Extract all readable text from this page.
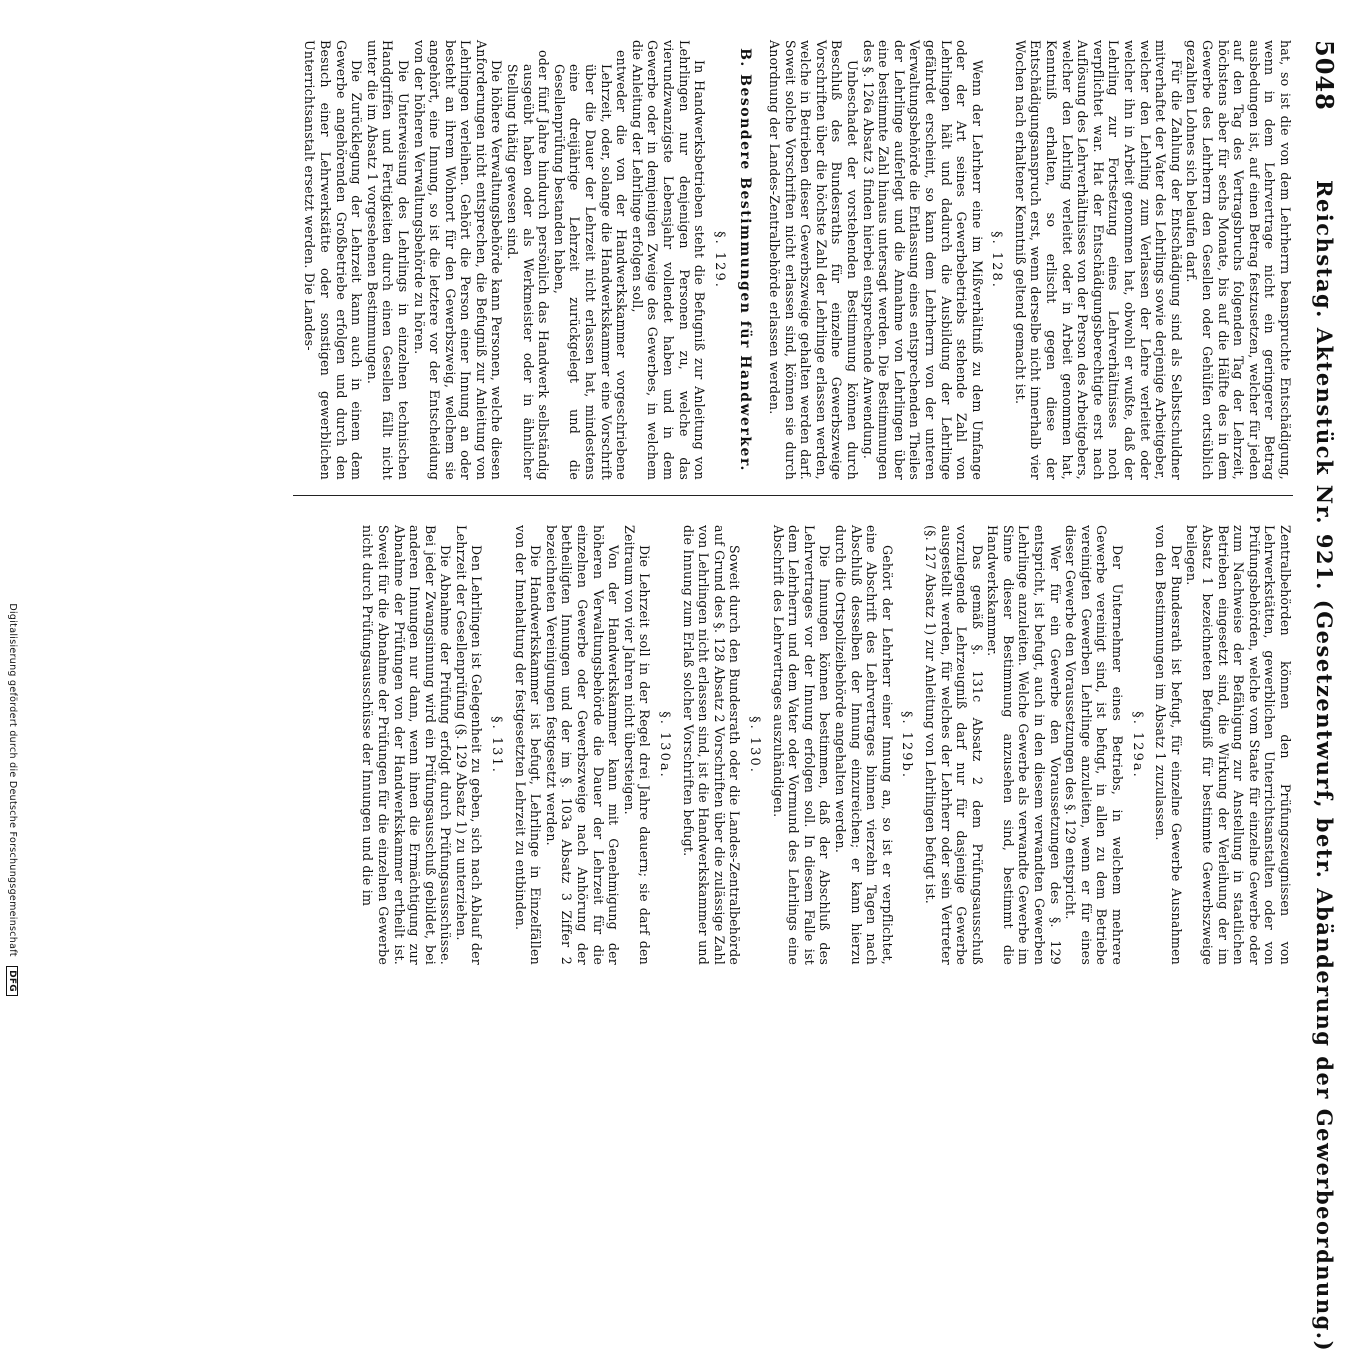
5048
Reichstag. Aktenstück Nr. 921. (Gesetzentwurf, betr. Abänderung der Gewerbeordnung.)

hat, so ist die von dem Lehrherrn beanspruchte Entschädigung, wenn in dem Lehrvertrage nicht ein geringerer Betrag ausbedungen ist, auf einen Betrag festzusetzen, welcher für jeden auf den Tag des Vertragsbruchs folgenden Tag der Lehrzeit, höchstens aber für sechs Monate, bis auf die Hälfte des in dem Gewerbe des Lehrherrn den Gesellen oder Gehülfen ortsüblich gezahlten Lohnes sich belaufen darf.

Für die Zahlung der Entschädigung sind als Selbstschuldner mitverhaftet der Vater des Lehrlings sowie derjenige Arbeitgeber, welcher den Lehrling zum Verlassen der Lehre verleitet oder welcher ihn in Arbeit genommen hat, obwohl er wußte, daß der Lehrling zur Fortsetzung eines Lehrverhältnisses noch verpflichtet war. Hat der Entschädigungsberechtigte erst nach Auflösung des Lehrverhältnisses von der Person des Arbeitgebers, welcher den Lehrling verleitet oder in Arbeit genommen hat, Kenntniß erhalten, so erlischt gegen diese der Entschädigungsanspruch erst, wenn derselbe nicht innerhalb vier Wochen nach erhaltener Kenntniß geltend gemacht ist.

§. 128.

Wenn der Lehrherr eine im Mißverhältniß zu dem Umfange oder der Art seines Gewerbebetriebs stehende Zahl von Lehrlingen hält und dadurch die Ausbildung der Lehrlinge gefährdet erscheint, so kann dem Lehrherrn von der unteren Verwaltungsbehörde die Entlassung eines entsprechenden Theiles der Lehrlinge auferlegt und die Annahme von Lehrlingen über eine bestimmte Zahl hinaus untersagt werden. Die Bestimmungen des §. 126a Absatz 3 finden hierbei entsprechende Anwendung.

Unbeschadet der vorstehenden Bestimmung können durch Beschluß des Bundesraths für einzelne Gewerbszweige Vorschriften über die höchste Zahl der Lehrlinge erlassen werden, welche in Betrieben dieser Gewerbszweige gehalten werden darf. Soweit solche Vorschriften nicht erlassen sind, können sie durch Anordnung der Landes-Zentralbehörde erlassen werden.

B. Besondere Bestimmungen für Handwerker.
§. 129.

In Handwerksbetrieben steht die Befugniß zur Anleitung von Lehrlingen nur denjenigen Personen zu, welche das vierundzwanzigste Lebensjahr vollendet haben und in dem Gewerbe oder in demjenigen Zweige des Gewerbes, in welchem die Anleitung der Lehrlinge erfolgen soll,

entweder die von der Handwerkskammer vorgeschriebene Lehrzeit, oder, solange die Handwerkskammer eine Vorschrift über die Dauer der Lehrzeit nicht erlassen hat, mindestens eine dreijährige Lehrzeit zurückgelegt und die Gesellenprüfung bestanden haben,

oder fünf Jahre hindurch persönlich das Handwerk selbständig ausgeübt haben oder als Werkmeister oder in ähnlicher Stellung thätig gewesen sind.

Die höhere Verwaltungsbehörde kann Personen, welche diesen Anforderungen nicht entsprechen, die Befugniß zur Anleitung von Lehrlingen verleihen. Gehört die Person einer Innung an oder besteht an ihrem Wohnort für den Gewerbszweig, welchem sie angehört, eine Innung, so ist die letztere vor der Entscheidung von der höheren Verwaltungsbehörde zu hören.

Die Unterweisung des Lehrlings in einzelnen technischen Handgriffen und Fertigkeiten durch einen Gesellen fällt nicht unter die im Absatz 1 vorgesehenen Bestimmungen.

Die Zurücklegung der Lehrzeit kann auch in einem dem Gewerbe angehörenden Großbetriebe erfolgen und durch den Besuch einer Lehrwerkstätte oder sonstigen gewerblichen Unterrichtsanstalt ersetzt werden. Die Landes-

Zentralbehörden können den Prüfungszeugnissen von Lehrwerkstätten, gewerblichen Unterrichtsanstalten oder von Prüfungsbehörden, welche vom Staate für einzelne Gewerbe oder zum Nachweise der Befähigung zur Anstellung in staatlichen Betrieben eingesetzt sind, die Wirkung der Verleihung der im Absatz 1 bezeichneten Befugniß für bestimmte Gewerbszweige beilegen.

Der Bundesrath ist befugt, für einzelne Gewerbe Ausnahmen von den Bestimmungen im Absatz 1 zuzulassen.

§. 129a.

Der Unternehmer eines Betriebs, in welchem mehrere Gewerbe vereinigt sind, ist befugt, in allen zu dem Betriebe vereinigten Gewerben Lehrlinge anzuleiten, wenn er für eines dieser Gewerbe den Voraussetzungen des §. 129 entspricht.

Wer für ein Gewerbe den Voraussetzungen des §. 129 entspricht, ist befugt, auch in den diesem verwandten Gewerben Lehrlinge anzuleiten. Welche Gewerbe als verwandte Gewerbe im Sinne dieser Bestimmung anzusehen sind, bestimmt die Handwerkskammer.

Das gemäß §. 131c Absatz 2 dem Prüfungsausschuß vorzulegende Lehrzeugniß darf nur für dasjenige Gewerbe ausgestellt werden, für welches der Lehrherr oder sein Vertreter (§. 127 Absatz 1) zur Anleitung von Lehrlingen befugt ist.

§. 129b.

Gehört der Lehrherr einer Innung an, so ist er verpflichtet, eine Abschrift des Lehrvertrages binnen vierzehn Tagen nach Abschluß desselben der Innung einzureichen; er kann hierzu durch die Ortspolizeibehörde angehalten werden.

Die Innungen können bestimmen, daß der Abschluß des Lehrvertrages vor der Innung erfolgen soll. In diesem Falle ist dem Lehrherrn und dem Vater oder Vormund des Lehrlings eine Abschrift des Lehrvertrages auszuhändigen.

§. 130.

Soweit durch den Bundesrath oder die Landes-Zentralbehörde auf Grund des §. 128 Absatz 2 Vorschriften über die zulässige Zahl von Lehrlingen nicht erlassen sind, ist die Handwerkskammer und die Innung zum Erlaß solcher Vorschriften befugt.

§. 130a.

Die Lehrzeit soll in der Regel drei Jahre dauern; sie darf den Zeitraum von vier Jahren nicht übersteigen.

Von der Handwerkskammer kann mit Genehmigung der höheren Verwaltungsbehörde die Dauer der Lehrzeit für die einzelnen Gewerbe oder Gewerbszweige nach Anhörung der betheiligten Innungen und der im §. 103a Absatz 3 Ziffer 2 bezeichneten Vereinigungen festgesetzt werden.

Die Handwerkskammer ist befugt, Lehrlinge in Einzelfällen von der Innehaltung der festgesetzten Lehrzeit zu entbinden.

§. 131.

Den Lehrlingen ist Gelegenheit zu geben, sich nach Ablauf der Lehrzeit der Gesellenprüfung (§. 129 Absatz 1) zu unterziehen.

Die Abnahme der Prüfung erfolgt durch Prüfungsausschüsse. Bei jeder Zwangsinnung wird ein Prüfungsausschuß gebildet, bei anderen Innungen nur dann, wenn ihnen die Ermächtigung zur Abnahme der Prüfungen von der Handwerkskammer ertheilt ist. Soweit für die Abnahme der Prüfungen für die einzelnen Gewerbe nicht durch Prüfungsausschüsse der Innungen und die im

Digitalisierung gefördert durch die Deutsche Forschungsgemeinschaft DFG
